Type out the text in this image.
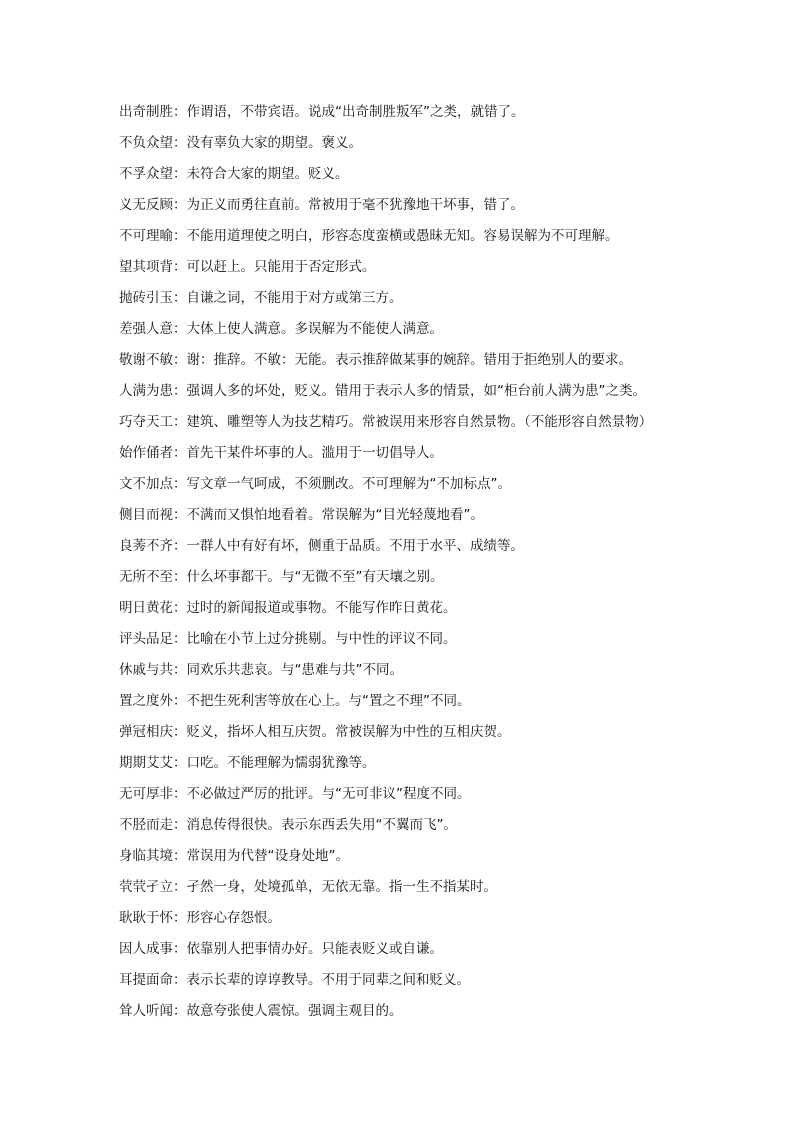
出奇制胜：作谓语，不带宾语。说成“出奇制胜叛军”之类，就错了。
不负众望：没有辜负大家的期望。褒义。
不孚众望：未符合大家的期望。贬义。
义无反顾：为正义而勇往直前。常被用于毫不犹豫地干坏事，错了。
不可理喻：不能用道理使之明白，形容态度蛮横或愚昧无知。容易误解为不可理解。
望其项背：可以赶上。只能用于否定形式。
抛砖引玉：自谦之词，不能用于对方或第三方。
差强人意：大体上使人满意。多误解为不能使人满意。
敬谢不敏：谢：推辞。不敏：无能。表示推辞做某事的婉辞。错用于拒绝别人的要求。
人满为患：强调人多的坏处，贬义。错用于表示人多的情景，如“柜台前人满为患”之类。
巧夺天工：建筑、雕塑等人为技艺精巧。常被误用来形容自然景物。（不能形容自然景物）
始作俑者：首先干某件坏事的人。滥用于一切倡导人。
文不加点：写文章一气呵成，不须删改。不可理解为“不加标点”。
侧目而视：不满而又惧怕地看着。常误解为“目光轻蔑地看”。
良莠不齐：一群人中有好有坏，侧重于品质。不用于水平、成绩等。
无所不至：什么坏事都干。与“无微不至”有天壤之别。
明日黄花：过时的新闻报道或事物。不能写作昨日黄花。
评头品足：比喻在小节上过分挑剔。与中性的评议不同。
休戚与共：同欢乐共悲哀。与“患难与共”不同。
置之度外：不把生死利害等放在心上。与“置之不理”不同。
弹冠相庆：贬义，指坏人相互庆贺。常被误解为中性的互相庆贺。
期期艾艾：口吃。不能理解为懦弱犹豫等。
无可厚非：不必做过严厉的批评。与“无可非议”程度不同。
不胫而走：消息传得很快。表示东西丢失用“不翼而飞”。
身临其境：常误用为代替“设身处地”。
茕茕孑立：孑然一身，处境孤单，无依无靠。指一生不指某时。
耿耿于怀：形容心存怨恨。
因人成事：依靠别人把事情办好。只能表贬义或自谦。
耳提面命：表示长辈的谆谆教导。不用于同辈之间和贬义。
耸人听闻：故意夸张使人震惊。强调主观目的。
